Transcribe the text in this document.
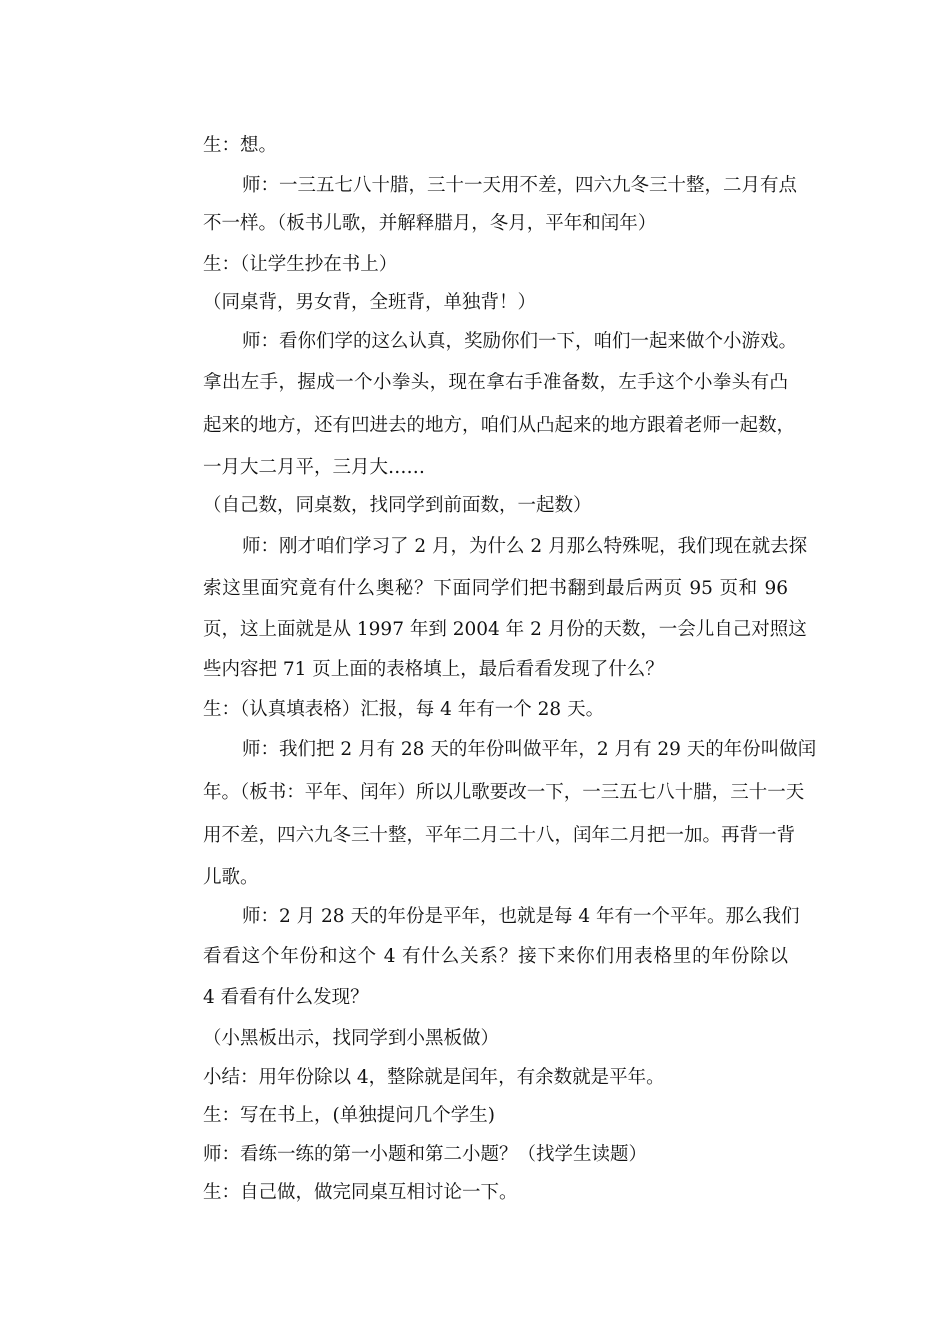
生：想。
师：一三五七八十腊，三十一天用不差，四六九冬三十整，二月有点
不一样。（板书儿歌，并解释腊月，冬月，平年和闰年）
生：（让学生抄在书上）
（同桌背，男女背，全班背，单独背！）
师：看你们学的这么认真，奖励你们一下，咱们一起来做个小游戏。
拿出左手，握成一个小拳头，现在拿右手准备数，左手这个小拳头有凸
起来的地方，还有凹进去的地方，咱们从凸起来的地方跟着老师一起数，
一月大二月平，三月大……
（自己数，同桌数，找同学到前面数，一起数）
师：刚才咱们学习了 2 月，为什么 2 月那么特殊呢，我们现在就去探
索这里面究竟有什么奥秘？下面同学们把书翻到最后两页 95 页和 96
页，这上面就是从 1997 年到 2004 年 2 月份的天数，一会儿自己对照这
些内容把 71 页上面的表格填上，最后看看发现了什么？
生：（认真填表格）汇报，每 4 年有一个 28 天。
师：我们把 2 月有 28 天的年份叫做平年，2 月有 29 天的年份叫做闰
年。（板书：平年、闰年）所以儿歌要改一下，一三五七八十腊，三十一天
用不差，四六九冬三十整，平年二月二十八，闰年二月把一加。再背一背
儿歌。
师：2 月 28 天的年份是平年，也就是每 4 年有一个平年。那么我们
看看这个年份和这个 4 有什么关系？接下来你们用表格里的年份除以
4 看看有什么发现？
（小黑板出示，找同学到小黑板做）
小结：用年份除以 4，整除就是闰年，有余数就是平年。
生：写在书上，(单独提问几个学生)
师：看练一练的第一小题和第二小题？（找学生读题）
生：自己做，做完同桌互相讨论一下。
